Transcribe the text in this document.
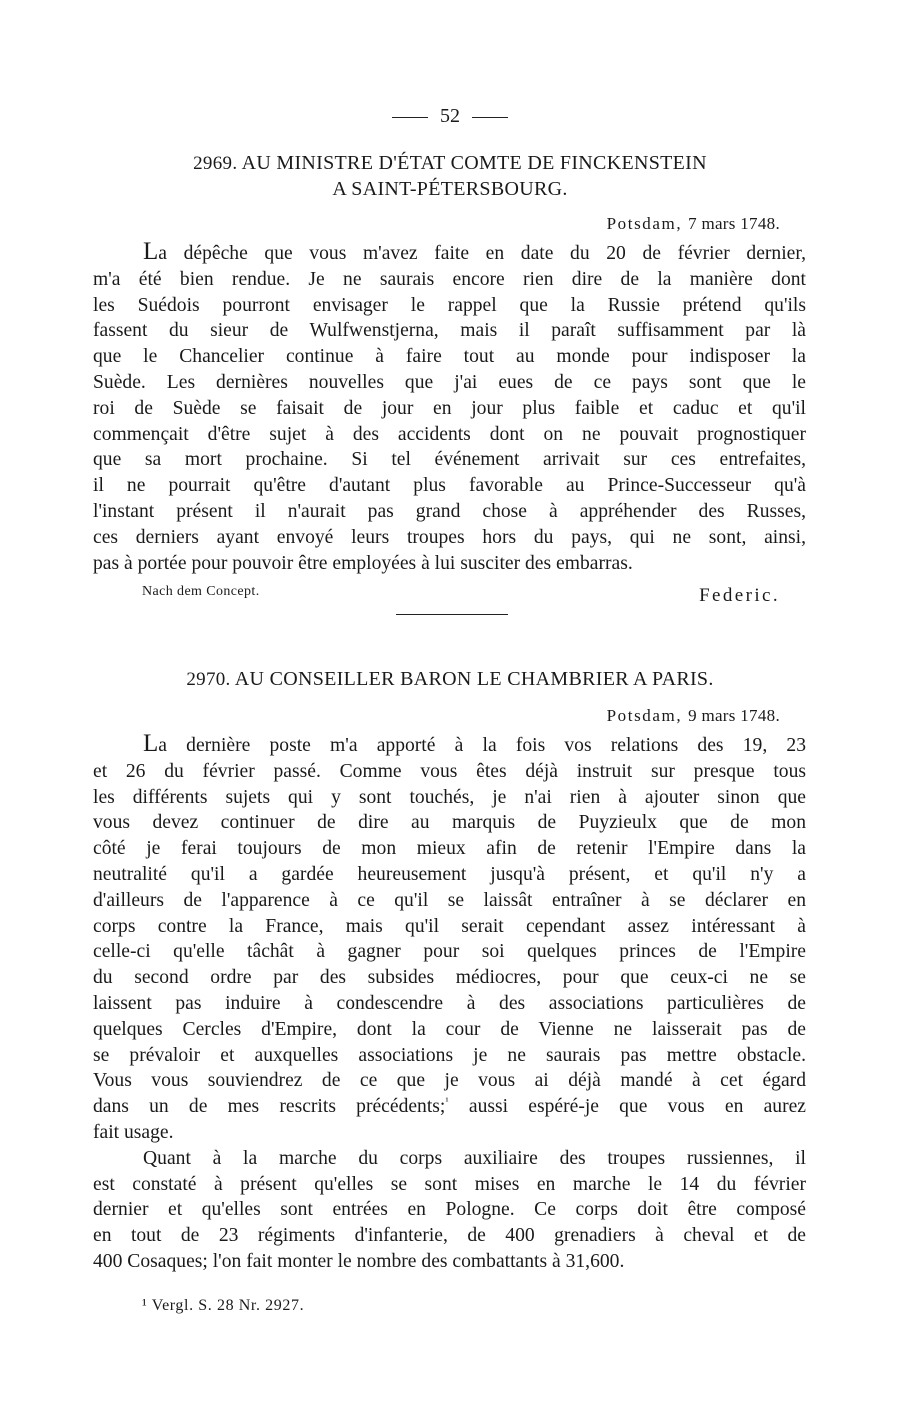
52
2969. AU MINISTRE D'ÉTAT COMTE DE FINCKENSTEIN
A SAINT-PÉTERSBOURG.
Potsdam, 7 mars 1748.
La dépêche que vous m'avez faite en date du 20 de février dernier,
m'a été bien rendue. Je ne saurais encore rien dire de la manière dont
les Suédois pourront envisager le rappel que la Russie prétend qu'ils
fassent du sieur de Wulfwenstjerna, mais il paraît suffisamment par là
que le Chancelier continue à faire tout au monde pour indisposer la
Suède. Les dernières nouvelles que j'ai eues de ce pays sont que le
roi de Suède se faisait de jour en jour plus faible et caduc et qu'il
commençait d'être sujet à des accidents dont on ne pouvait prognostiquer
que sa mort prochaine. Si tel événement arrivait sur ces entrefaites,
il ne pourrait qu'être d'autant plus favorable au Prince-Successeur qu'à
l'instant présent il n'aurait pas grand chose à appréhender des Russes,
ces derniers ayant envoyé leurs troupes hors du pays, qui ne sont, ainsi,
pas à portée pour pouvoir être employées à lui susciter des embarras.
Nach dem Concept.	Federic.
2970. AU CONSEILLER BARON LE CHAMBRIER A PARIS.
Potsdam, 9 mars 1748.
La dernière poste m'a apporté à la fois vos relations des 19, 23
et 26 du février passé. Comme vous êtes déjà instruit sur presque tous
les différents sujets qui y sont touchés, je n'ai rien à ajouter sinon que
vous devez continuer de dire au marquis de Puyzieulx que de mon
côté je ferai toujours de mon mieux afin de retenir l'Empire dans la
neutralité qu'il a gardée heureusement jusqu'à présent, et qu'il n'y a
d'ailleurs de l'apparence à ce qu'il se laissât entraîner à se déclarer en
corps contre la France, mais qu'il serait cependant assez intéressant à
celle-ci qu'elle tâchât à gagner pour soi quelques princes de l'Empire
du second ordre par des subsides médiocres, pour que ceux-ci ne se
laissent pas induire à condescendre à des associations particulières de
quelques Cercles d'Empire, dont la cour de Vienne ne laisserait pas de
se prévaloir et auxquelles associations je ne saurais pas mettre obstacle.
Vous vous souviendrez de ce que je vous ai déjà mandé à cet égard
dans un de mes rescrits précédents;$^{^1}$ aussi espéré-je que vous en aurez
fait usage.
Quant à la marche du corps auxiliaire des troupes russiennes, il
est constaté à présent qu'elles se sont mises en marche le 14 du février
dernier et qu'elles sont entrées en Pologne. Ce corps doit être composé
en tout de 23 régiments d'infanterie, de 400 grenadiers à cheval et de
400 Cosaques; l'on fait monter le nombre des combattants à 31,600.
¹ Vergl. S. 28 Nr. 2927.
